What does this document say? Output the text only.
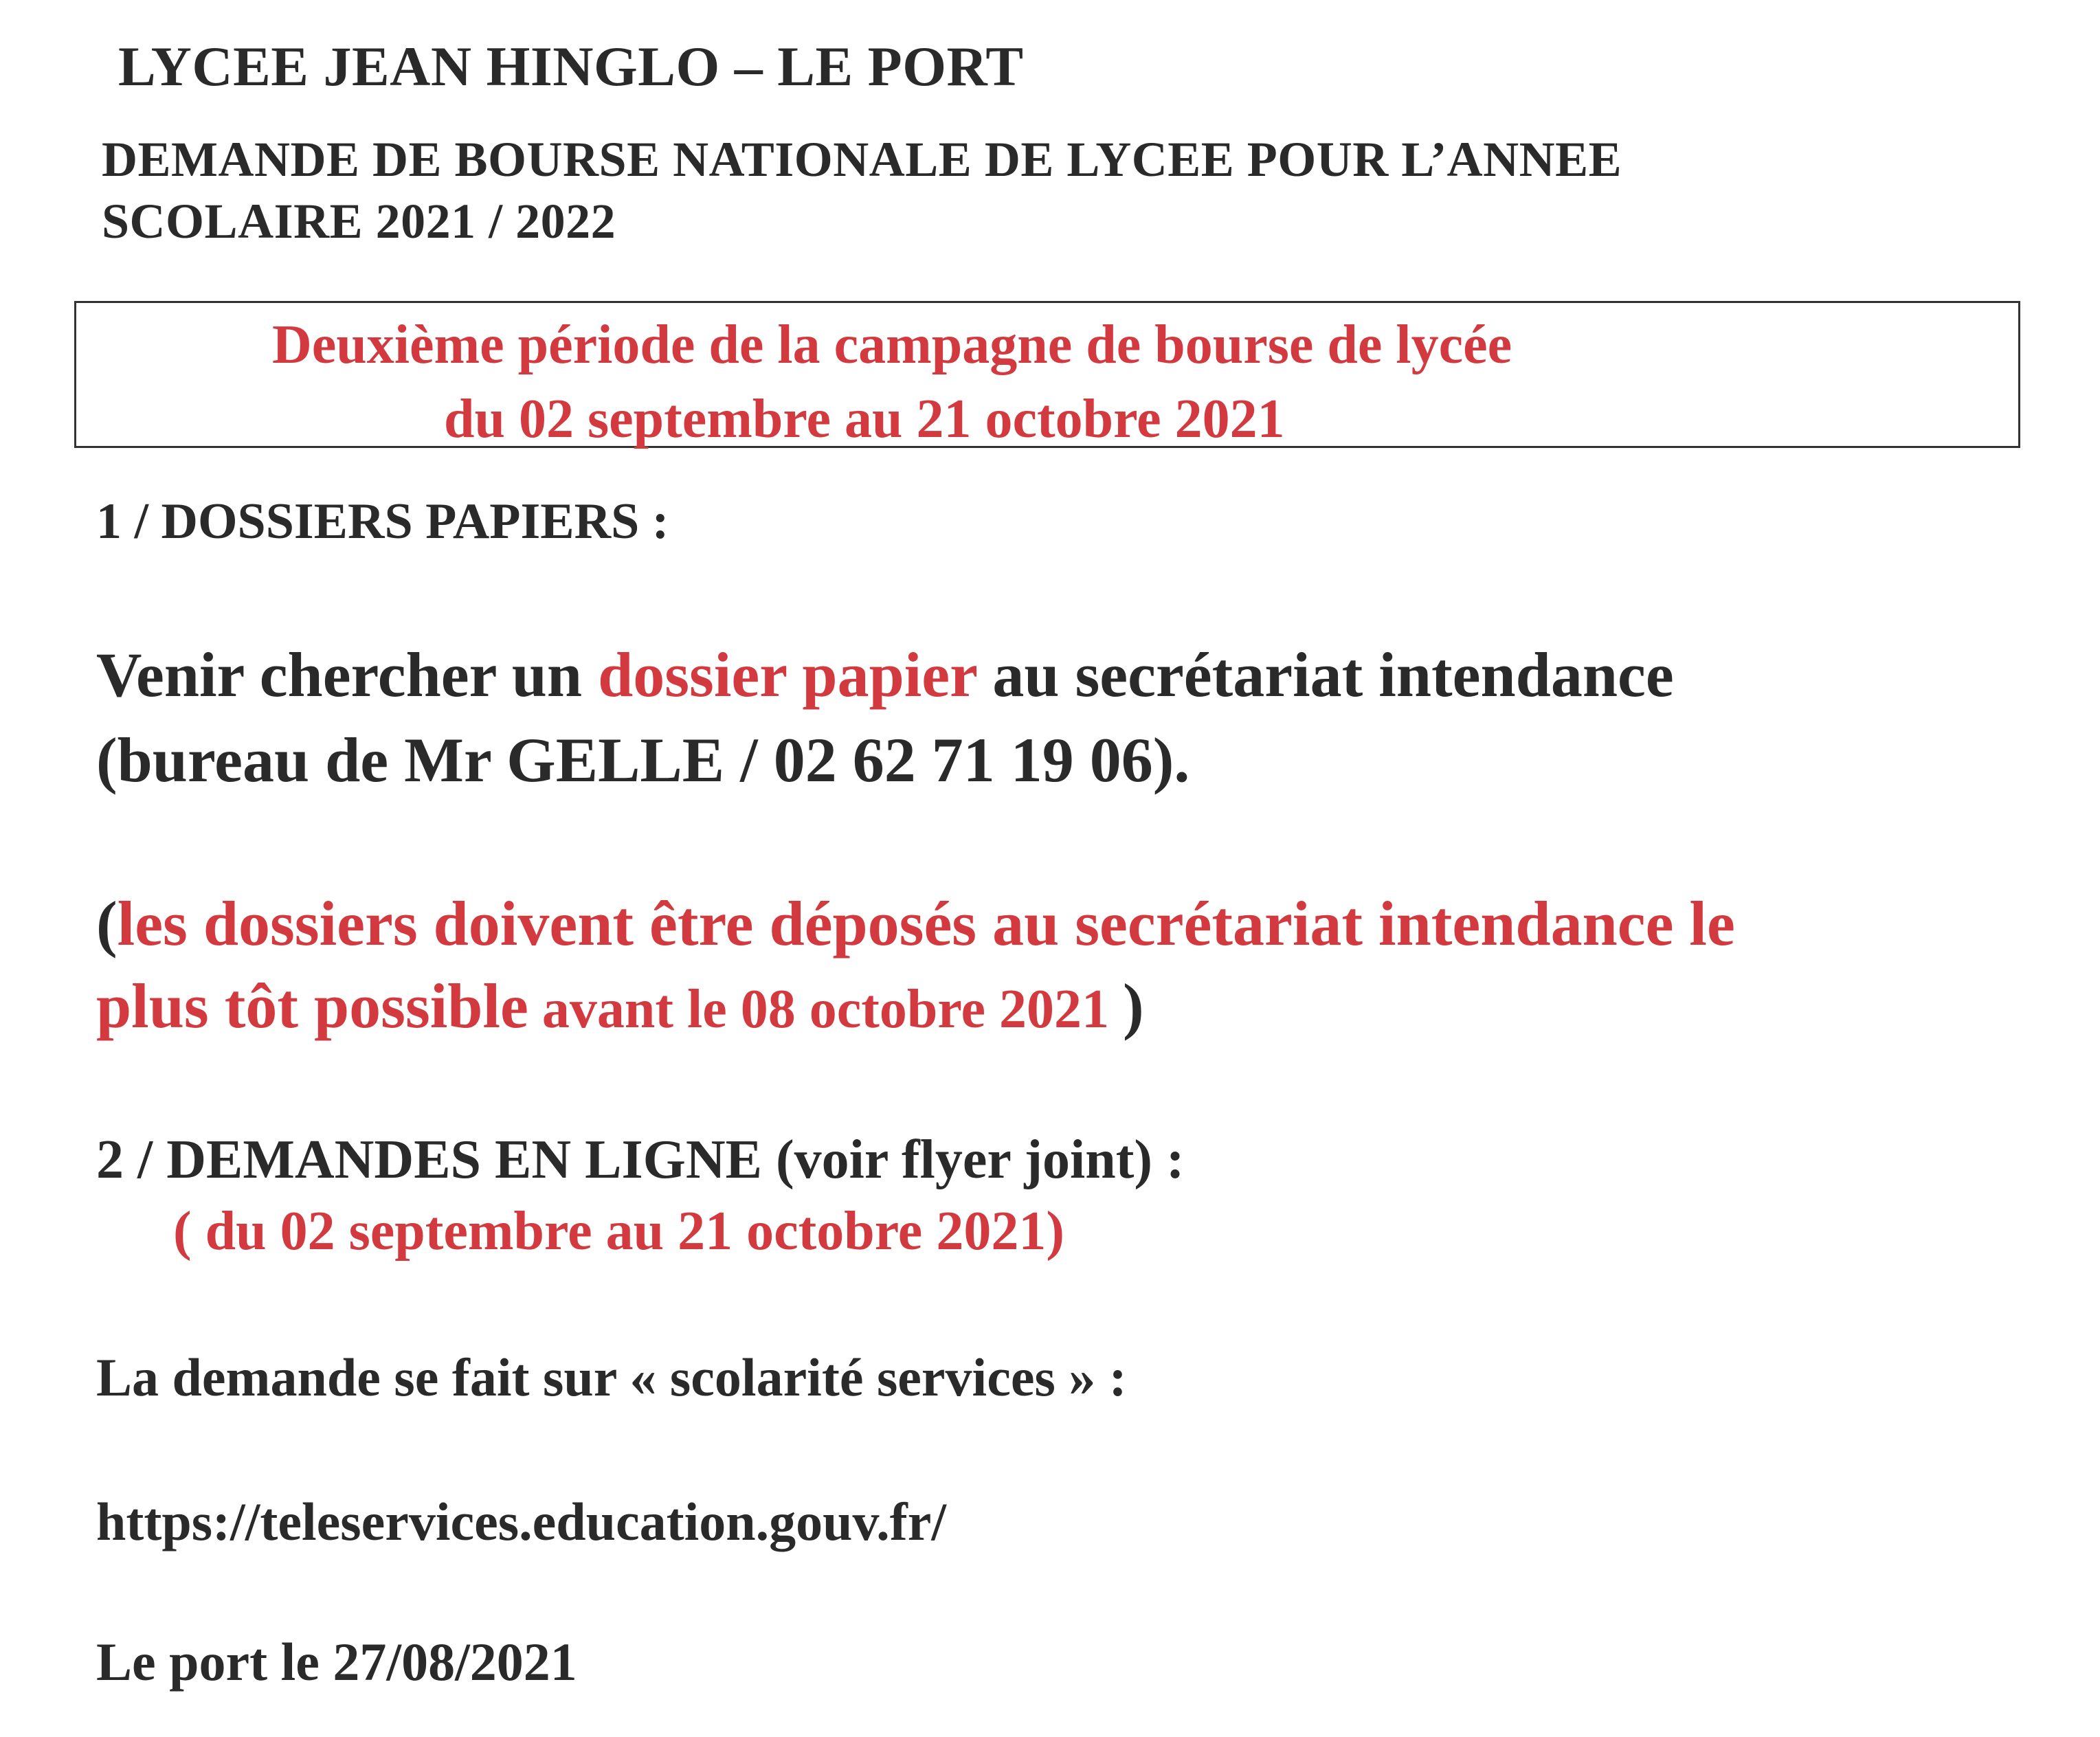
LYCEE JEAN HINGLO – LE PORT
DEMANDE DE BOURSE NATIONALE DE LYCEE POUR L’ANNEE
SCOLAIRE 2021 / 2022
Deuxième période de la campagne de bourse de lycée
du 02 septembre au 21 octobre 2021
1 / DOSSIERS PAPIERS :
Venir chercher un dossier papier au secrétariat intendance
(bureau de Mr GELLE / 02 62 71 19 06).
(les dossiers doivent être déposés au secrétariat intendance le
plus tôt possible avant le 08 octobre 2021 )
2 / DEMANDES EN LIGNE (voir flyer joint) :
( du 02 septembre au 21 octobre 2021)
La demande se fait sur « scolarité services » :
https://teleservices.education.gouv.fr/
Le port le 27/08/2021
